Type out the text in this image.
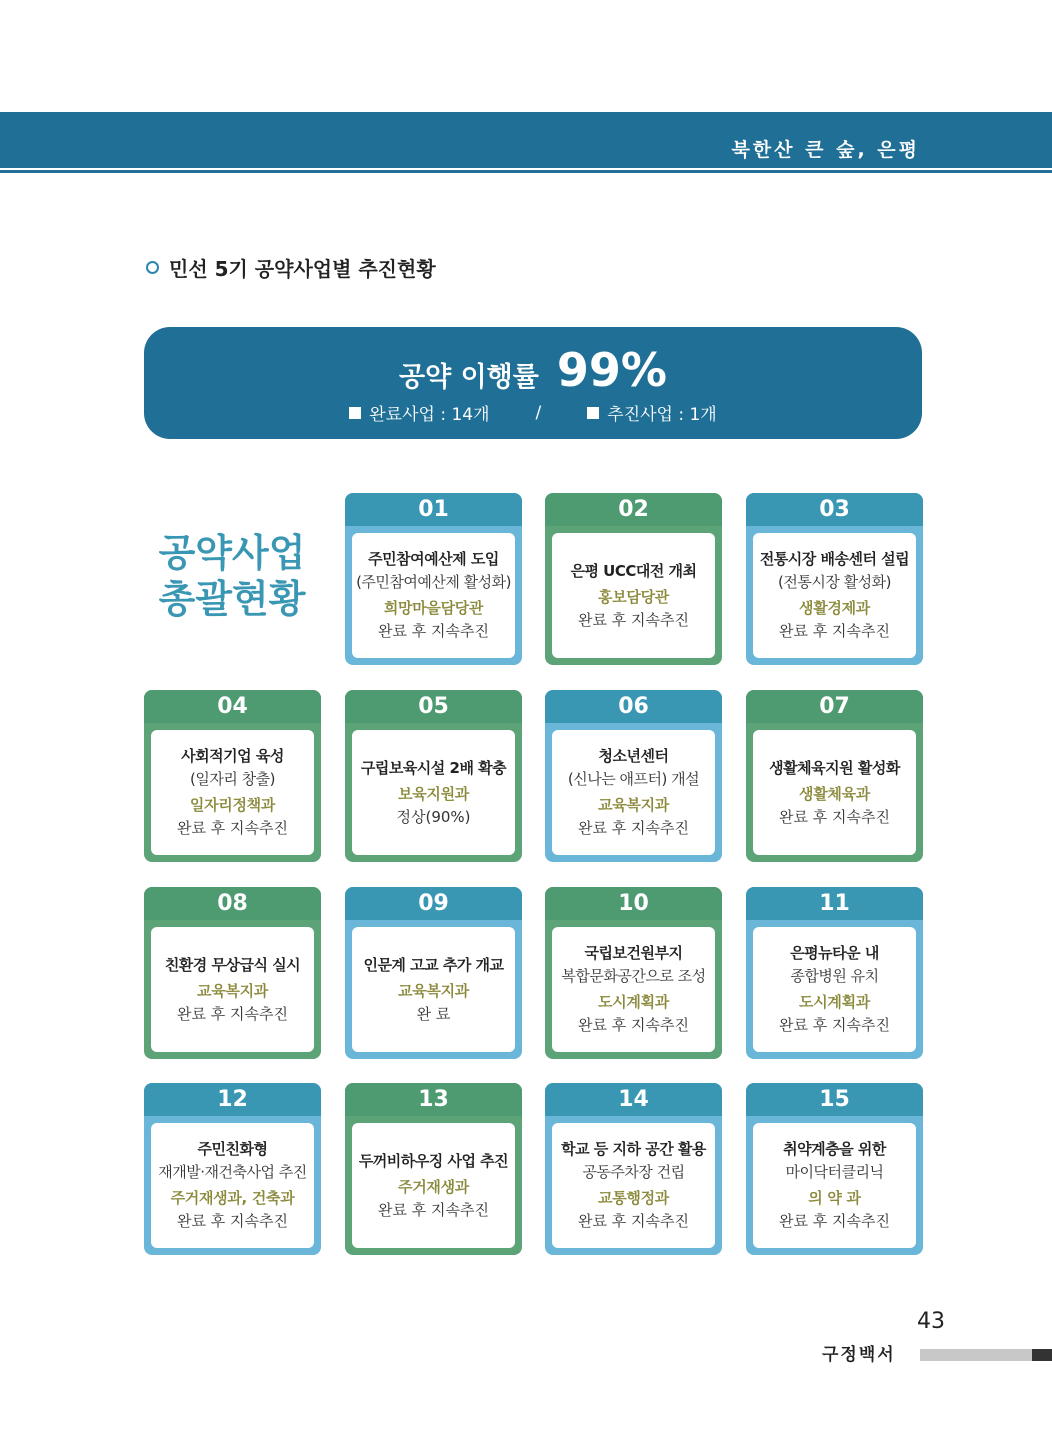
북한산 큰 숲, 은평
민선 5기 공약사업별 추진현황
공약 이행률 99%
완료사업 : 14개	/	추진사업 : 1개
공약사업
총괄현황
01
주민참여예산제 도입
(주민참여예산제 활성화)
희망마을담당관
완료 후 지속추진
02
은평 UCC대전 개최
홍보담당관
완료 후 지속추진
03
전통시장 배송센터 설립
(전통시장 활성화)
생활경제과
완료 후 지속추진
04
사회적기업 육성
(일자리 창출)
일자리정책과
완료 후 지속추진
05
구립보육시설 2배 확충
보육지원과
정상(90%)
06
청소년센터
(신나는 애프터) 개설
교육복지과
완료 후 지속추진
07
생활체육지원 활성화
생활체육과
완료 후 지속추진
08
친환경 무상급식 실시
교육복지과
완료 후 지속추진
09
인문계 고교 추가 개교
교육복지과
완 료
10
국립보건원부지
복합문화공간으로 조성
도시계획과
완료 후 지속추진
11
은평뉴타운 내
종합병원 유치
도시계획과
완료 후 지속추진
12
주민친화형
재개발·재건축사업 추진
주거재생과, 건축과
완료 후 지속추진
13
두꺼비하우징 사업 추진
주거재생과
완료 후 지속추진
14
학교 등 지하 공간 활용
공동주차장 건립
교통행정과
완료 후 지속추진
15
취약계층을 위한
마이닥터클리닉
의 약 과
완료 후 지속추진
43
구정백서
